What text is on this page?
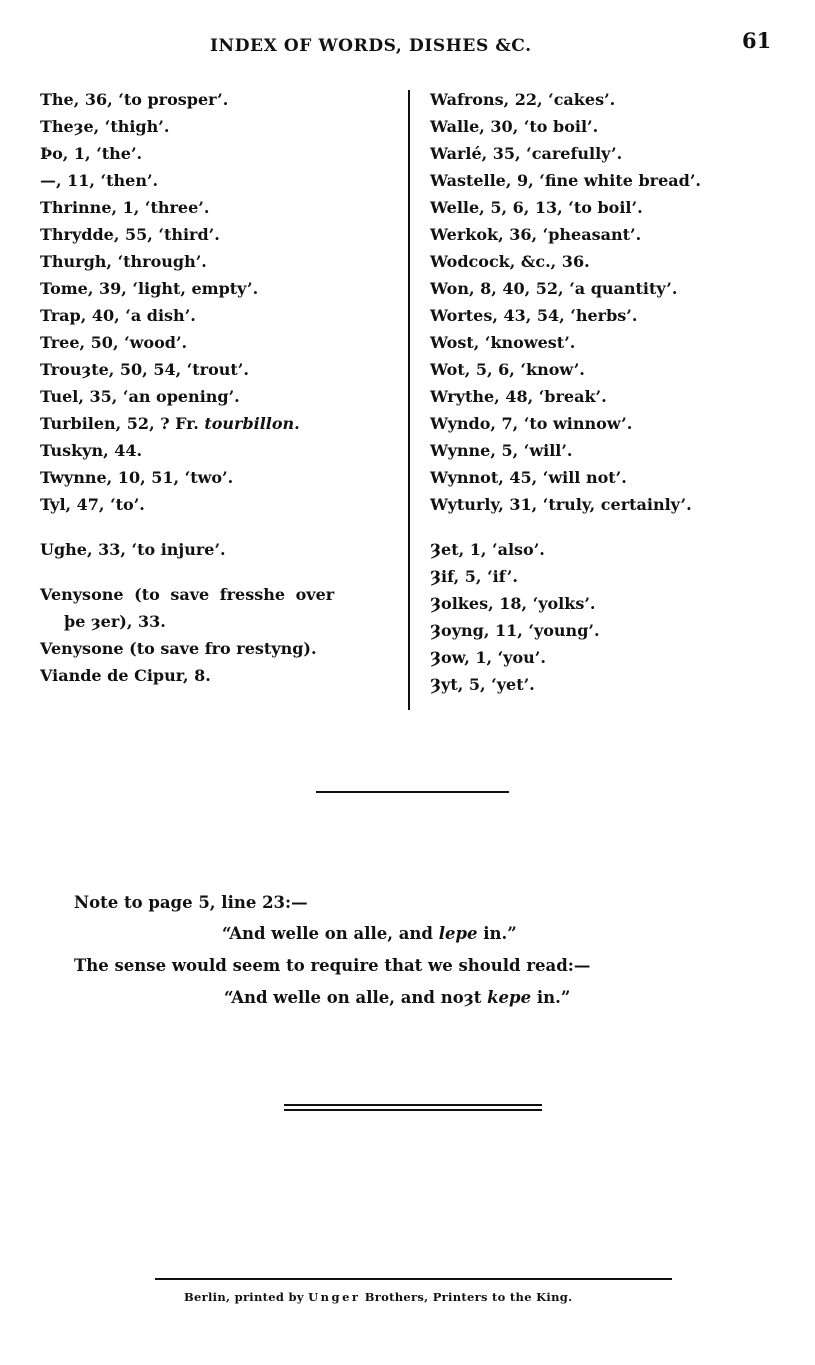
INDEX OF WORDS, DISHES &C.	61
The, 36, ‘to prosper’.
Theȝe, ‘thigh’.
Þo, 1, ‘the’.
—, 11, ‘then’.
Thrinne, 1, ‘three’.
Thrydde, 55, ‘third’.
Thurgh, ‘through’.
Tome, 39, ‘light, empty’.
Trap, 40, ‘a dish’.
Tree, 50, ‘wood’.
Trouȝte, 50, 54, ‘trout’.
Tuel, 35, ‘an opening’.
Turbilen, 52, ? Fr. tourbillon.
Tuskyn, 44.
Twynne, 10, 51, ‘two’.
Tyl, 47, ‘to’.
Ughe, 33, ‘to injure’.
Venysone (to save fresshe over
þe ȝer), 33.
Venysone (to save fro restyng).
Viande de Cipur, 8.
Wafrons, 22, ‘cakes’.
Walle, 30, ‘to boil’.
Warlé, 35, ‘carefully’.
Wastelle, 9, ‘fine white bread’.
Welle, 5, 6, 13, ‘to boil’.
Werkok, 36, ‘pheasant’.
Wodcock, &c., 36.
Won, 8, 40, 52, ‘a quantity’.
Wortes, 43, 54, ‘herbs’.
Wost, ‘knowest’.
Wot, 5, 6, ‘know’.
Wrythe, 48, ‘break’.
Wyndo, 7, ‘to winnow’.
Wynne, 5, ‘will’.
Wynnot, 45, ‘will not’.
Wyturly, 31, ‘truly, certainly’.
Ȝet, 1, ‘also’.
Ȝif, 5, ‘if’.
Ȝolkes, 18, ‘yolks’.
Ȝoyng, 11, ‘young’.
Ȝow, 1, ‘you’.
Ȝyt, 5, ‘yet’.
Note to page 5, line 23:—
“And welle on alle, and lepe in.”
The sense would seem to require that we should read:—
“And welle on alle, and noȝt kepe in.”
Berlin, printed by Unger Brothers, Printers to the King.
